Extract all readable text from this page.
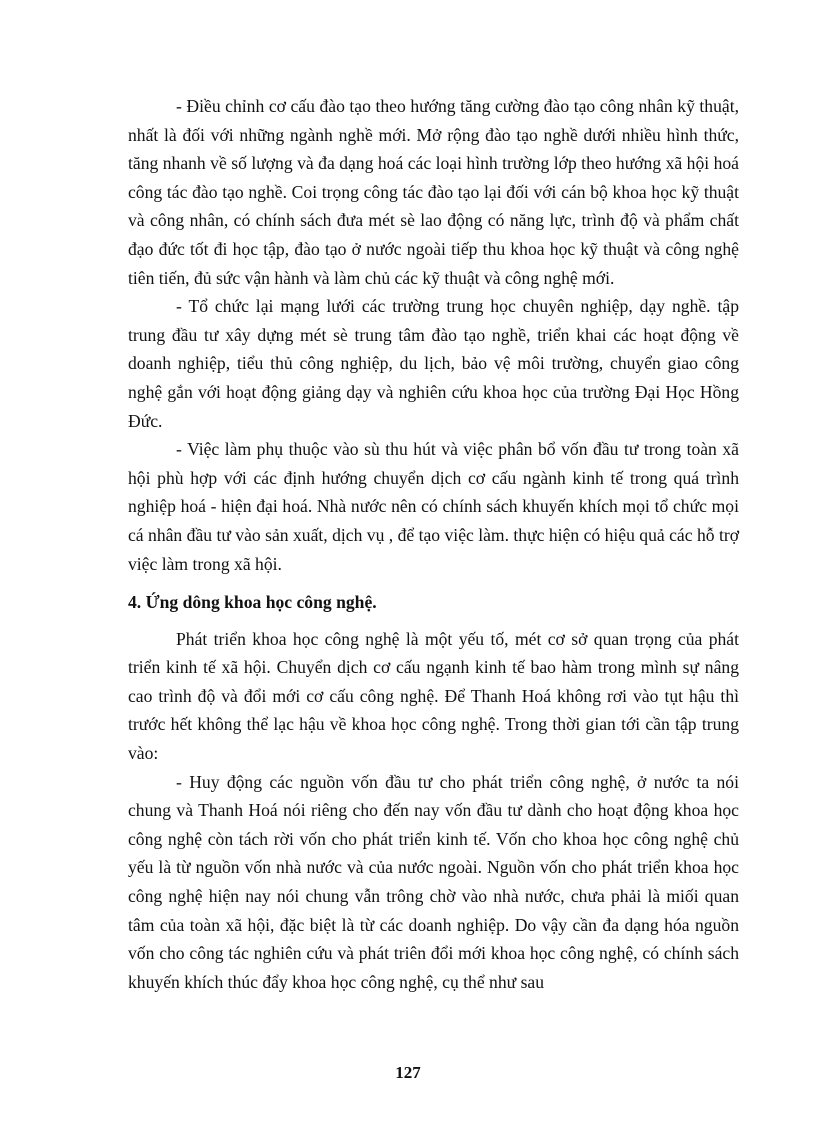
- Điều chỉnh cơ cấu đào tạo theo hướng tăng cường đào tạo công nhân kỹ thuật, nhất là đối với những ngành nghề mới. Mở rộng đào tạo nghề dưới nhiều hình thức, tăng nhanh về số lượng và đa dạng hoá các loại hình trường lớp theo hướng xã hội hoá công tác đào tạo nghề. Coi trọng công tác đào tạo lại đối với cán bộ khoa học kỹ thuật và công nhân, có chính sách đưa mét sè lao động có năng lực, trình độ và phẩm chất đạo đức tốt đi học tập, đào tạo ở nước ngoài tiếp thu khoa học kỹ thuật và công nghệ tiên tiến, đủ sức vận hành và làm chủ các kỹ thuật và công nghệ mới.

- Tổ chức lại mạng lưới các trường trung học chuyên nghiệp, dạy nghề. tập trung đầu tư xây dựng mét sè trung tâm đào tạo nghề, triển khai các hoạt động về doanh nghiệp, tiểu thủ công nghiệp, du lịch, bảo vệ môi trường, chuyển giao công nghệ gắn với hoạt động giảng dạy và nghiên cứu khoa học của trường Đại Học Hồng Đức.

- Việc làm phụ thuộc vào sù thu hút và việc phân bổ vốn đầu tư trong toàn xã hội phù hợp với các định hướng chuyển dịch cơ cấu ngành kinh tế trong quá trình nghiệp hoá - hiện đại hoá. Nhà nước nên có chính sách khuyến khích mọi tổ chức mọi cá nhân đầu tư vào sản xuất, dịch vụ , để tạo việc làm. thực hiện có hiệu quả các hỗ trợ việc làm trong xã hội.

4. Ứng dông khoa học công nghệ.

Phát triển khoa học công nghệ là một yếu tố, mét cơ sở quan trọng của phát triển kinh tế xã hội. Chuyển dịch cơ cấu ngạnh kinh tế bao hàm trong mình sự nâng cao trình độ và đổi mới cơ cấu công nghệ. Để Thanh Hoá không rơi vào tụt hậu thì trước hết không thể lạc hậu về khoa học công nghệ. Trong thời gian tới cần tập trung vào:

- Huy động các nguồn vốn đầu tư cho phát triển công nghệ, ở nước ta nói chung và Thanh Hoá nói riêng cho đến nay vốn đầu tư dành cho hoạt động khoa học công nghệ còn tách rời vốn cho phát triển kinh tế. Vốn cho khoa học công nghệ chủ yếu là từ nguồn vốn nhà nước và của nước ngoài. Nguồn vốn cho phát triển khoa học công nghệ hiện nay nói chung vẫn trông chờ vào nhà nước, chưa phải là miối quan tâm của toàn xã hội, đặc biệt là từ các doanh nghiệp. Do vậy cần đa dạng hóa nguồn vốn cho công tác nghiên cứu và phát triên đổi mới khoa học công nghệ, có chính sách khuyến khích thúc đẩy khoa học công nghệ, cụ thể như sau

127
